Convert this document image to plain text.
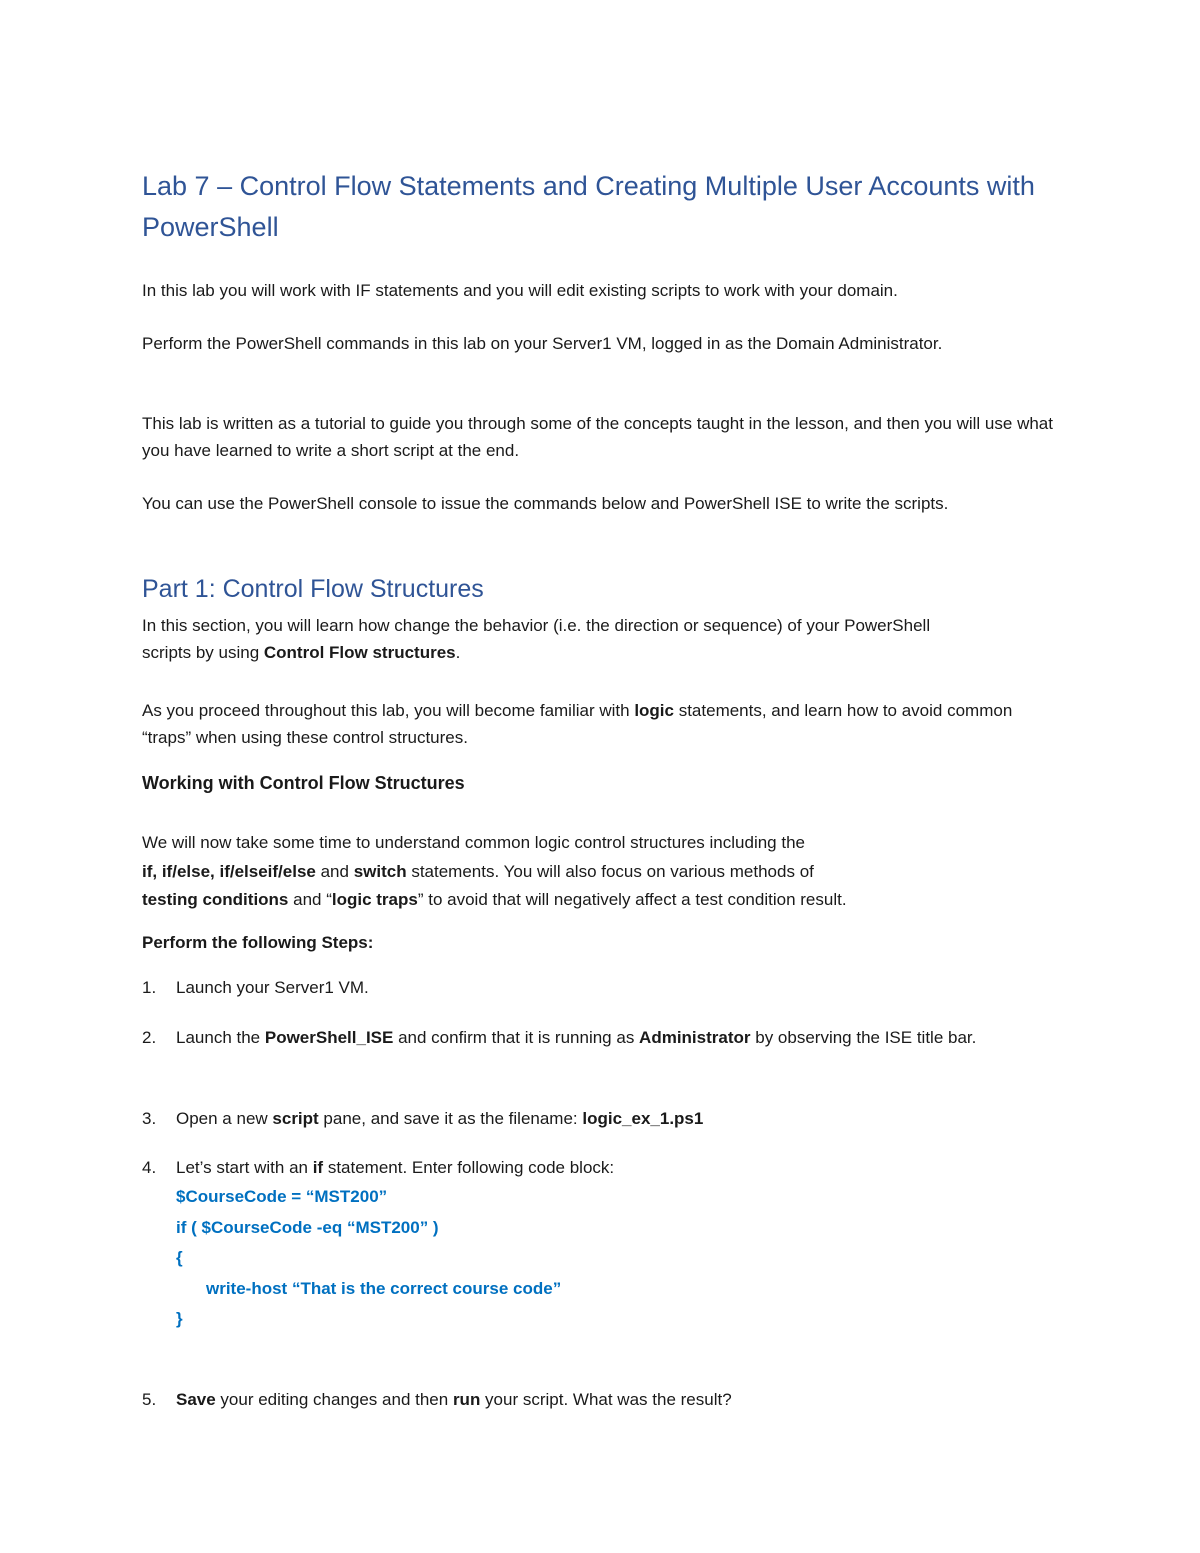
Lab 7 – Control Flow Statements and Creating Multiple User Accounts with PowerShell

In this lab you will work with IF statements and you will edit existing scripts to work with your domain.

Perform the PowerShell commands in this lab on your Server1 VM, logged in as the Domain Administrator.

This lab is written as a tutorial to guide you through some of the concepts taught in the lesson, and then you will use what you have learned to write a short script at the end.

You can use the PowerShell console to issue the commands below and PowerShell ISE to write the scripts.

Part 1: Control Flow Structures

In this section, you will learn how change the behavior (i.e. the direction or sequence) of your PowerShell scripts by using Control Flow structures.

As you proceed throughout this lab, you will become familiar with logic statements, and learn how to avoid common “traps” when using these control structures.

Working with Control Flow Structures
We will now take some time to understand common logic control structures including the
if, if/else, if/elseif/else and switch statements. You will also focus on various methods of
testing conditions and “logic traps” to avoid that will negatively affect a test condition result.

Perform the following Steps:

1.	Launch your Server1 VM.
2.	Launch the PowerShell_ISE and confirm that it is running as Administrator by observing the ISE title bar.
3.	Open a new script pane, and save it as the filename: logic_ex_1.ps1
4.	Let’s start with an if statement. Enter following code block:
$CourseCode = “MST200”
if ( $CourseCode -eq “MST200” )
{
write-host “That is the correct course code”
}
5.	Save your editing changes and then run your script. What was the result?
